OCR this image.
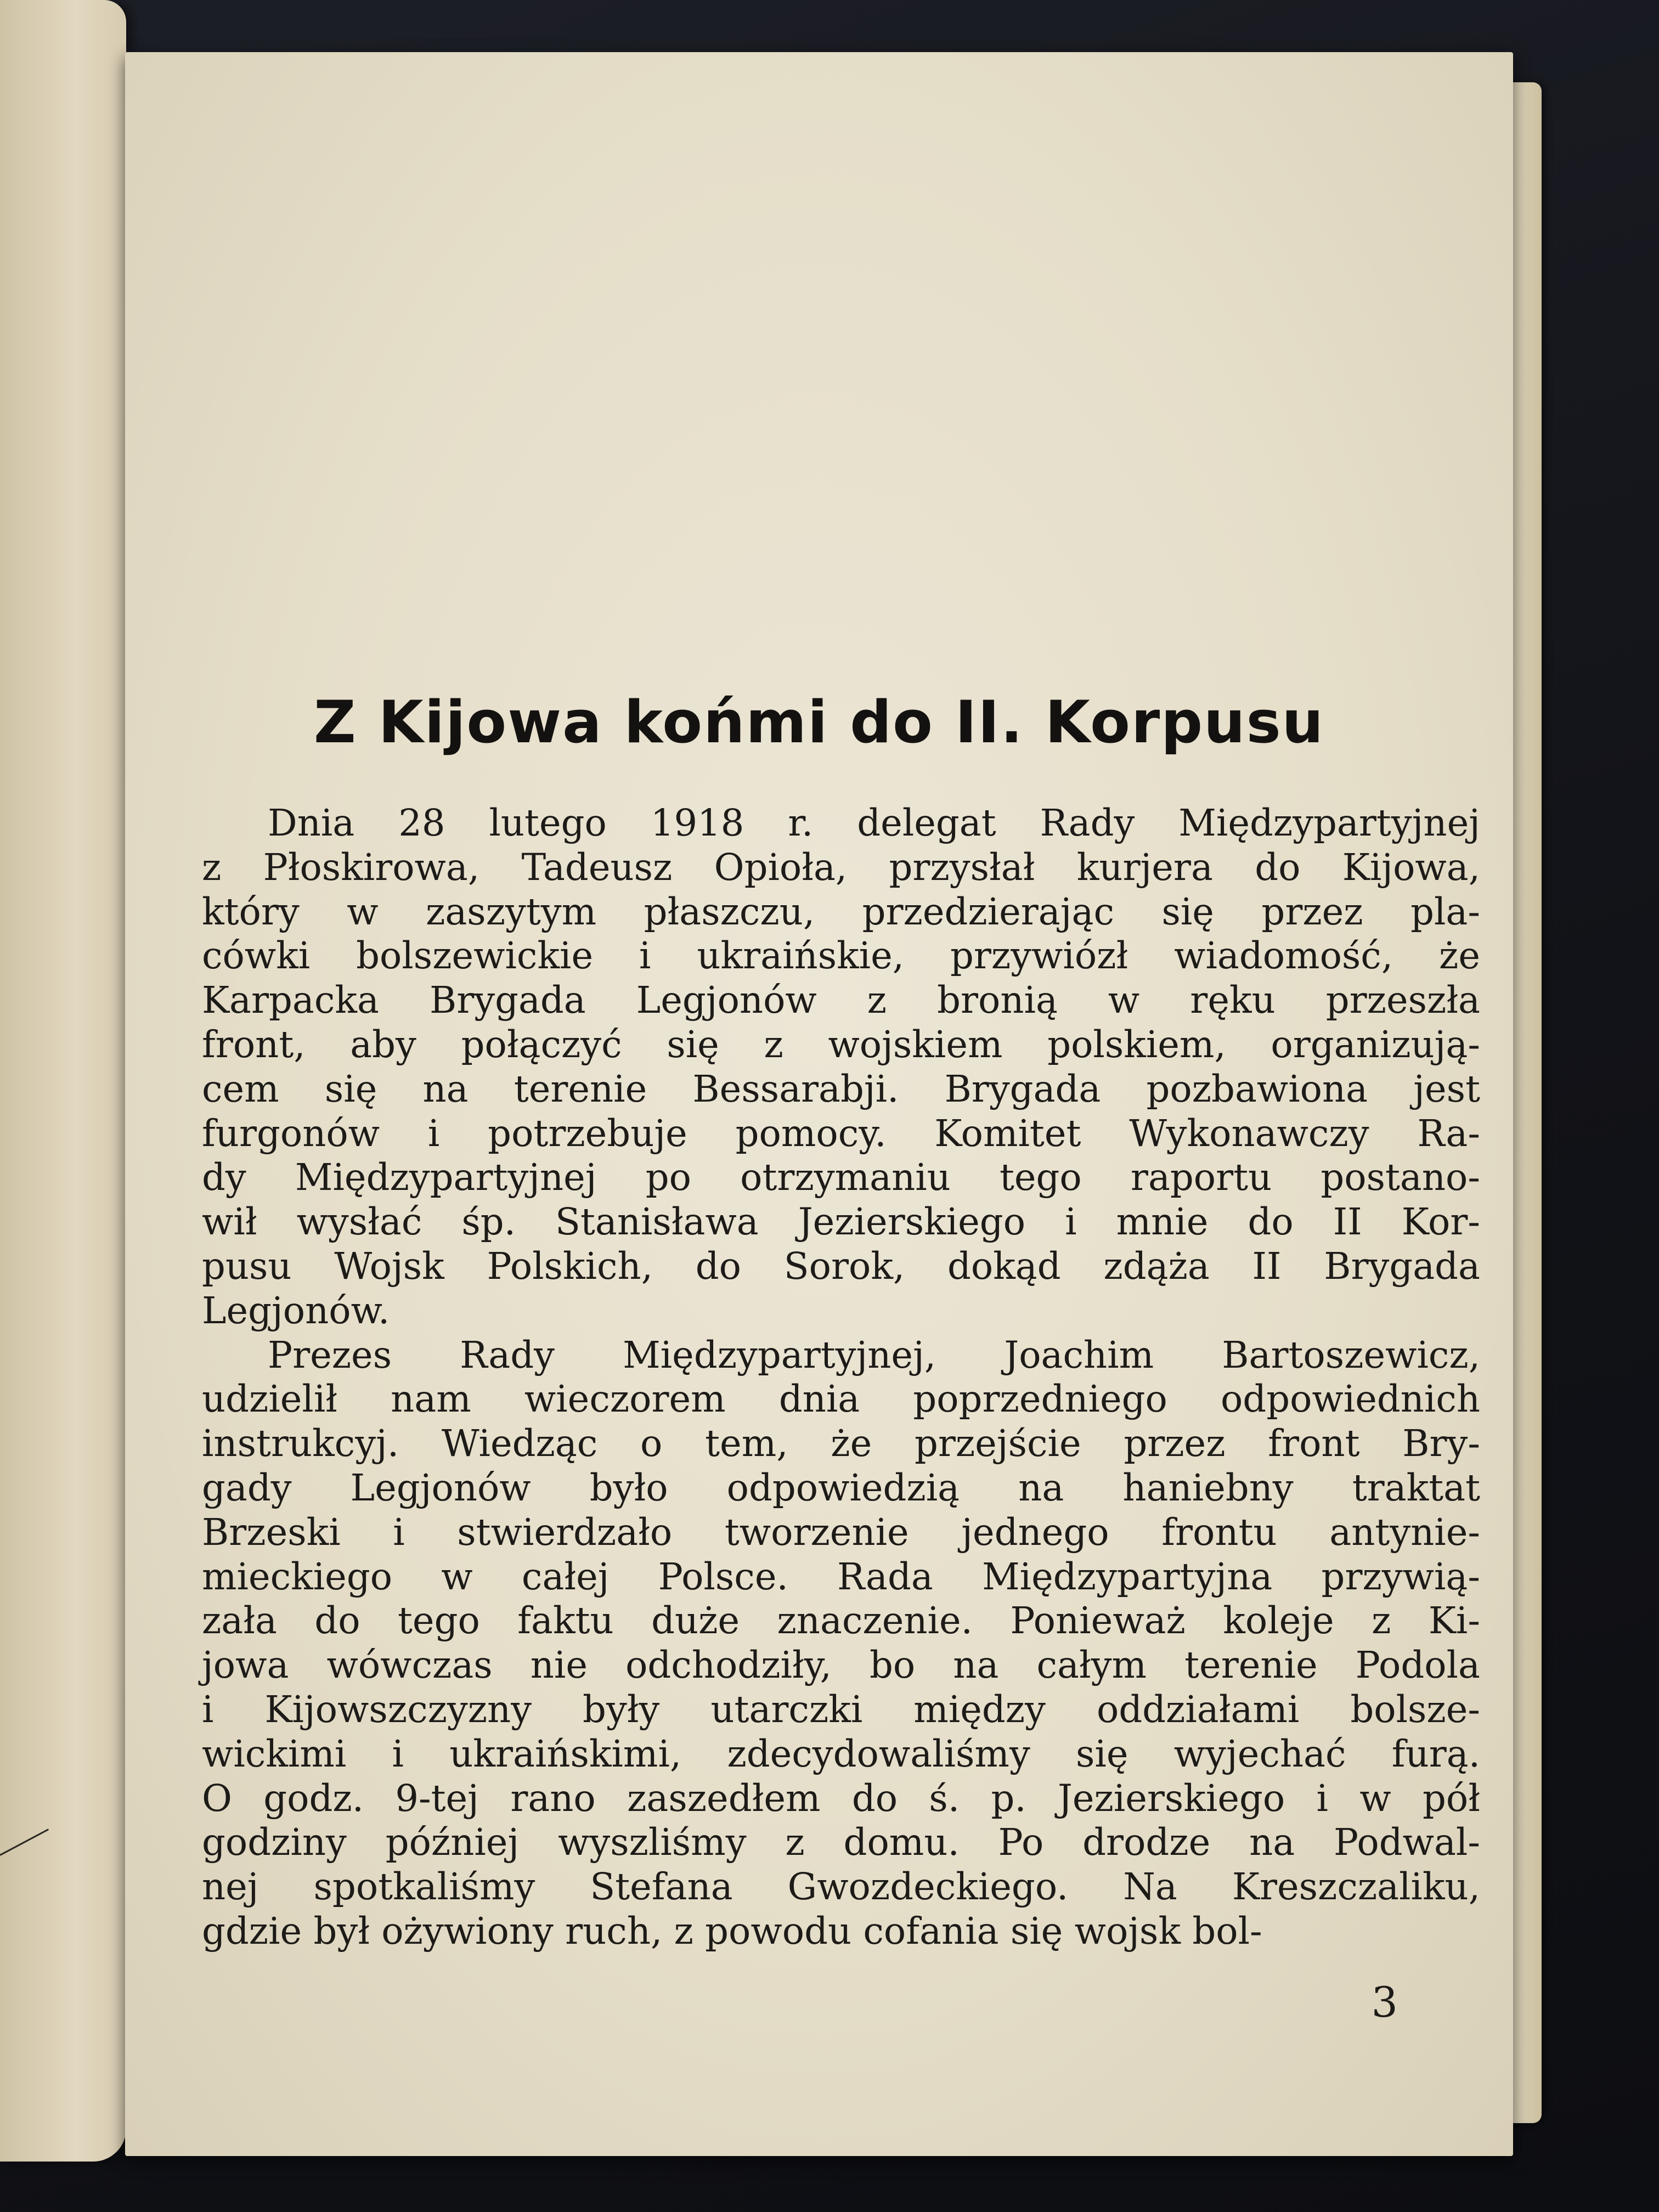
Z Kijowa końmi do II. Korpusu
Dnia 28 lutego 1918 r. delegat Rady Międzypartyjnej
z Płoskirowa, Tadeusz Opioła, przysłał kurjera do Kijowa,
który w zaszytym płaszczu, przedzierając się przez pla-
cówki bolszewickie i ukraińskie, przywiózł wiadomość, że
Karpacka Brygada Legjonów z bronią w ręku przeszła
front, aby połączyć się z wojskiem polskiem, organizują-
cem się na terenie Bessarabji. Brygada pozbawiona jest
furgonów i potrzebuje pomocy. Komitet Wykonawczy Ra-
dy Międzypartyjnej po otrzymaniu tego raportu postano-
wił wysłać śp. Stanisława Jezierskiego i mnie do II Kor-
pusu Wojsk Polskich, do Sorok, dokąd zdąża II Brygada
Legjonów.
Prezes Rady Międzypartyjnej, Joachim Bartoszewicz,
udzielił nam wieczorem dnia poprzedniego odpowiednich
instrukcyj. Wiedząc o tem, że przejście przez front Bry-
gady Legjonów było odpowiedzią na haniebny traktat
Brzeski i stwierdzało tworzenie jednego frontu antynie-
mieckiego w całej Polsce. Rada Międzypartyjna przywią-
zała do tego faktu duże znaczenie. Ponieważ koleje z Ki-
jowa wówczas nie odchodziły, bo na całym terenie Podola
i Kijowszczyzny były utarczki między oddziałami bolsze-
wickimi i ukraińskimi, zdecydowaliśmy się wyjechać furą.
O godz. 9-tej rano zaszedłem do ś. p. Jezierskiego i w pół
godziny później wyszliśmy z domu. Po drodze na Podwal-
nej spotkaliśmy Stefana Gwozdeckiego. Na Kreszczaliku,
gdzie był ożywiony ruch, z powodu cofania się wojsk bol-
3
